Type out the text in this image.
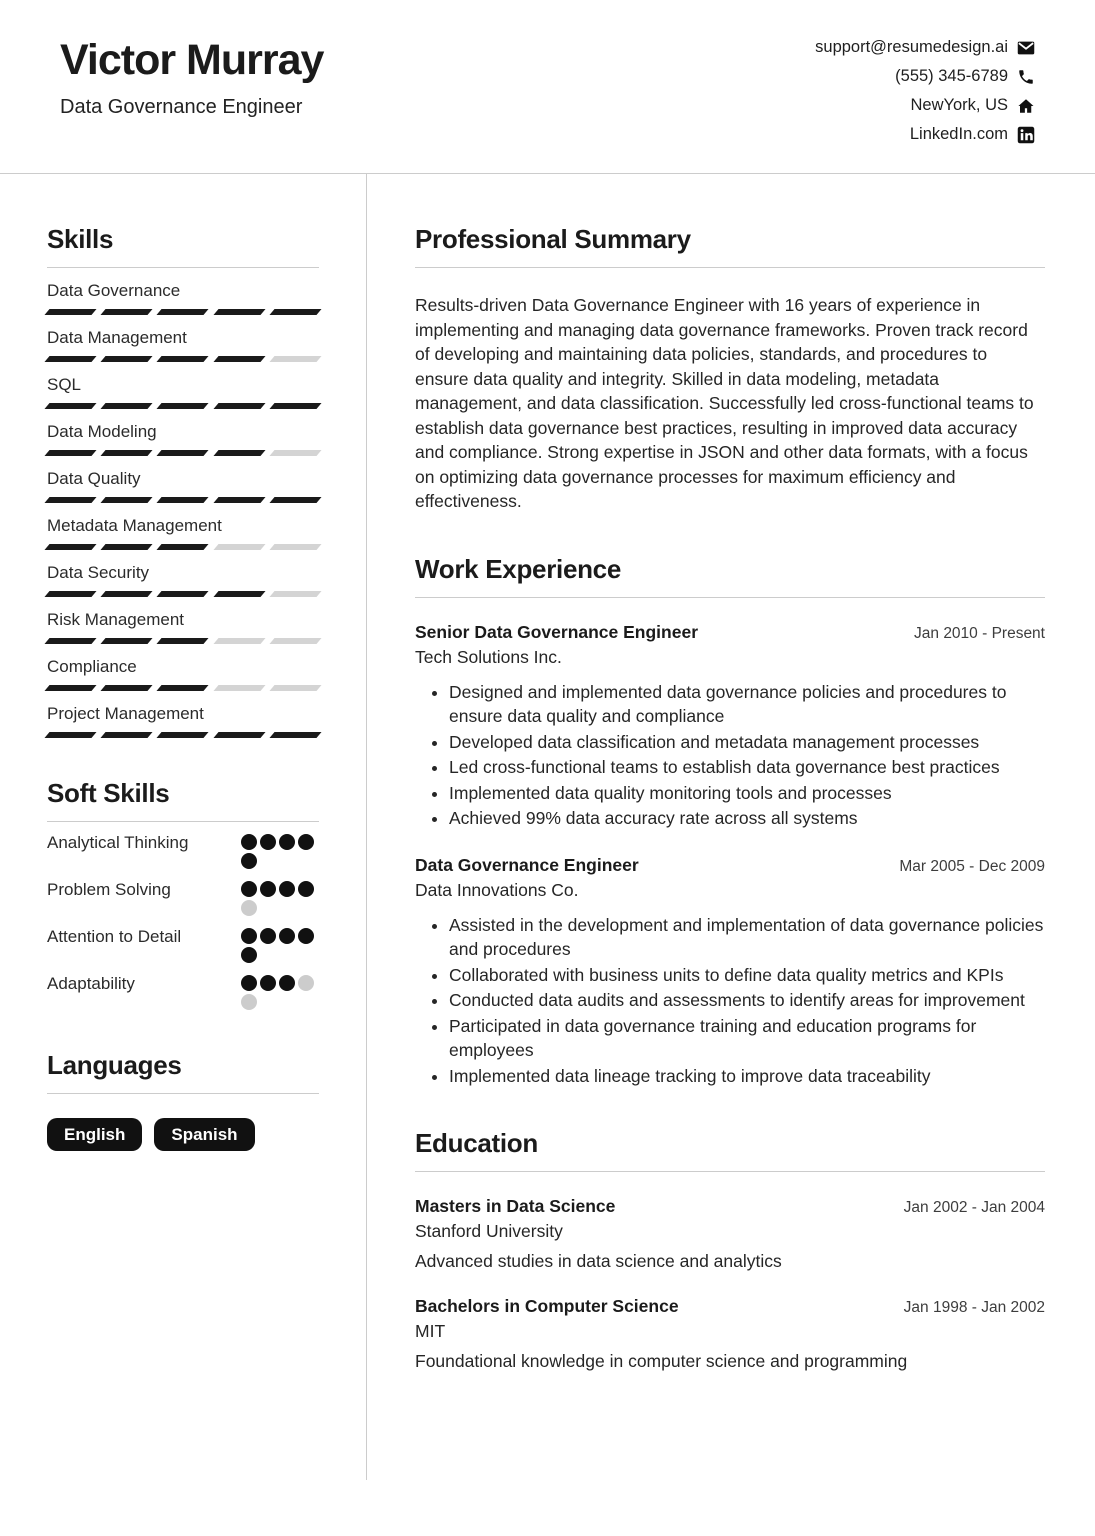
Victor Murray
Data Governance Engineer
support@resumedesign.ai
(555) 345-6789
NewYork, US
LinkedIn.com
Skills
Data Governance
Data Management
SQL
Data Modeling
Data Quality
Metadata Management
Data Security
Risk Management
Compliance
Project Management
Soft Skills
Analytical Thinking
Problem Solving
Attention to Detail
Adaptability
Languages
English	Spanish
Professional Summary

Results-driven Data Governance Engineer with 16 years of experience in implementing and managing data governance frameworks. Proven track record of developing and maintaining data policies, standards, and procedures to ensure data quality and integrity. Skilled in data modeling, metadata management, and data classification. Successfully led cross-functional teams to establish data governance best practices, resulting in improved data accuracy and compliance. Strong expertise in JSON and other data formats, with a focus on optimizing data governance processes for maximum efficiency and effectiveness.

Work Experience
Senior Data Governance Engineer	Jan 2010 - Present
Tech Solutions Inc.
• Designed and implemented data governance policies and procedures to ensure data quality and compliance
• Developed data classification and metadata management processes
• Led cross-functional teams to establish data governance best practices
• Implemented data quality monitoring tools and processes
• Achieved 99% data accuracy rate across all systems
Data Governance Engineer	Mar 2005 - Dec 2009
Data Innovations Co.
• Assisted in the development and implementation of data governance policies and procedures
• Collaborated with business units to define data quality metrics and KPIs
• Conducted data audits and assessments to identify areas for improvement
• Participated in data governance training and education programs for employees
• Implemented data lineage tracking to improve data traceability
Education
Masters in Data Science	Jan 2002 - Jan 2004
Stanford University
Advanced studies in data science and analytics
Bachelors in Computer Science	Jan 1998 - Jan 2002
MIT
Foundational knowledge in computer science and programming
